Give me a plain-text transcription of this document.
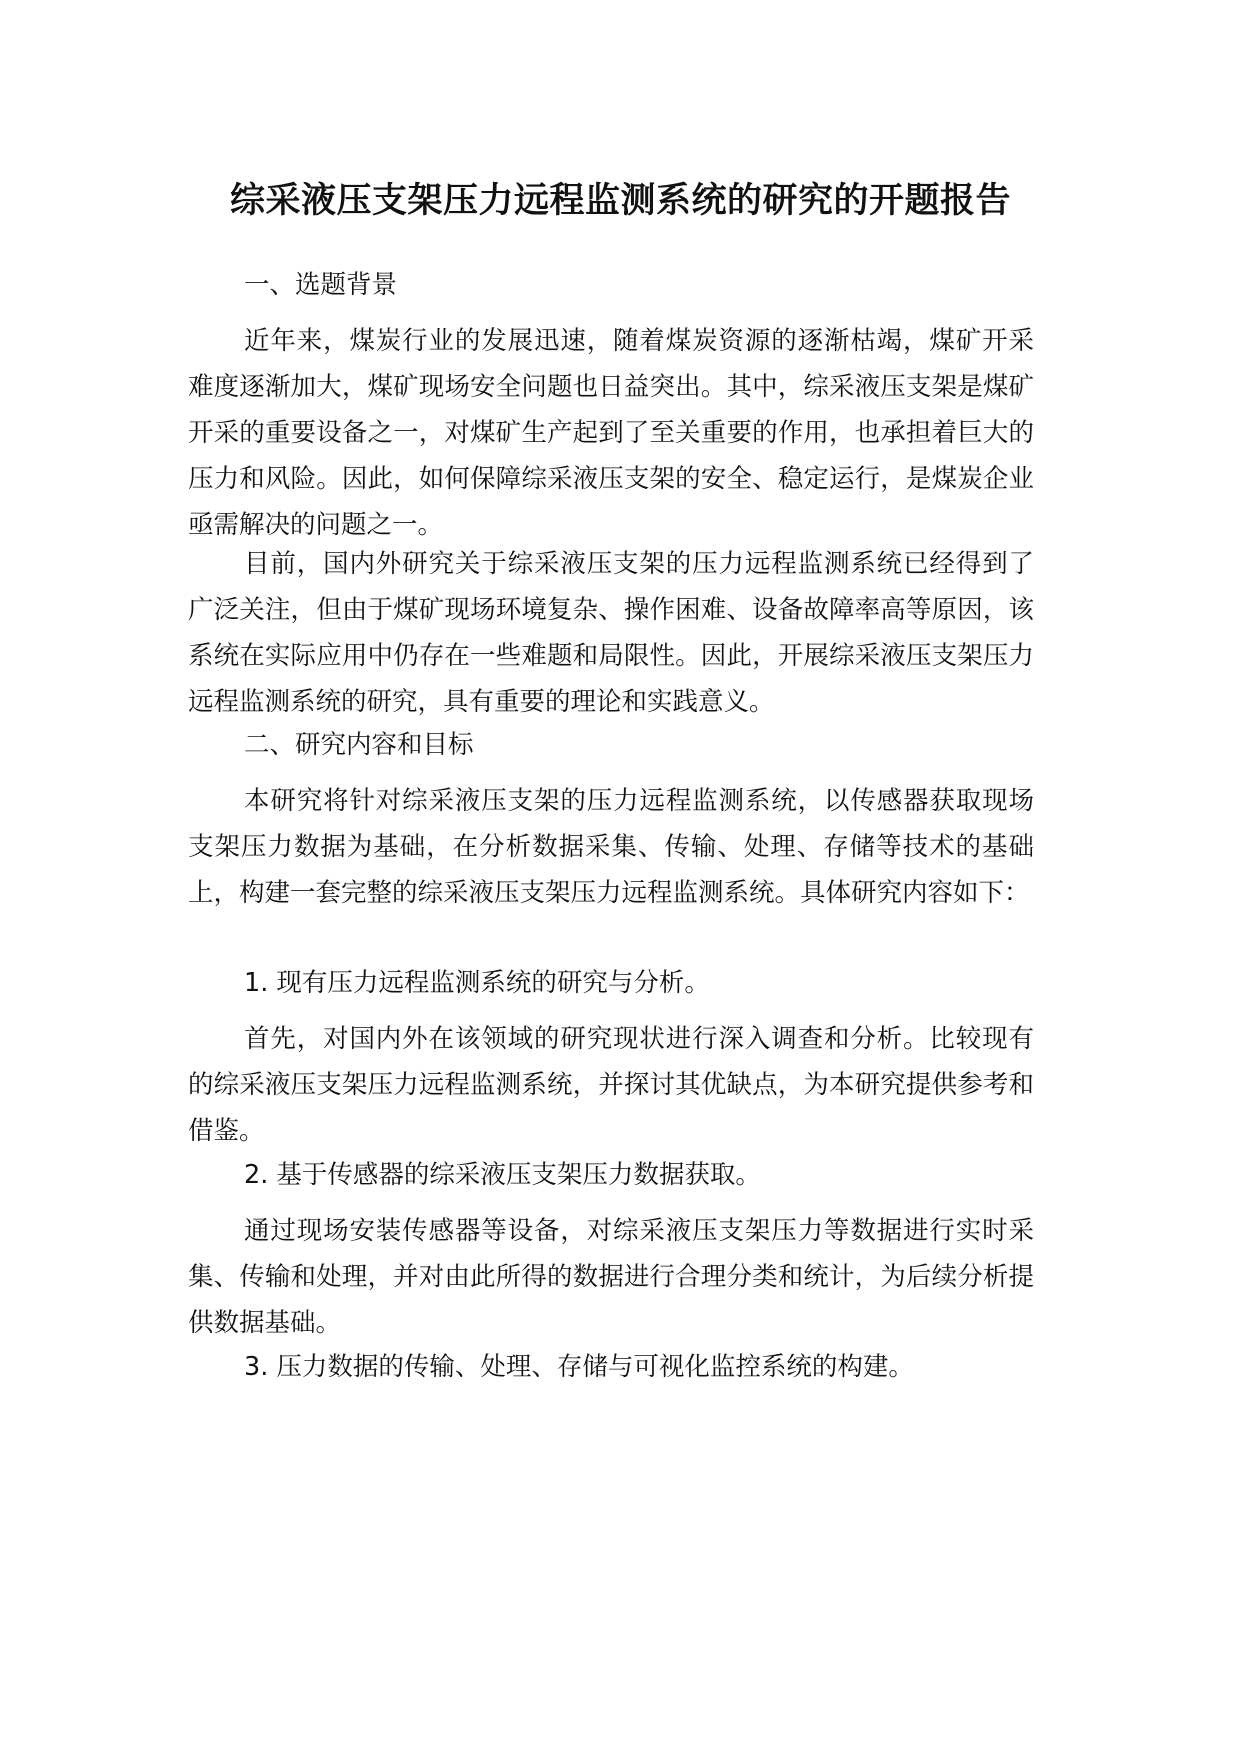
综采液压支架压力远程监测系统的研究的开题报告

一、选题背景

近年来，煤炭行业的发展迅速，随着煤炭资源的逐渐枯竭，煤矿开采难度逐渐加大，煤矿现场安全问题也日益突出。其中，综采液压支架是煤矿开采的重要设备之一，对煤矿生产起到了至关重要的作用，也承担着巨大的压力和风险。因此，如何保障综采液压支架的安全、稳定运行，是煤炭企业亟需解决的问题之一。

目前，国内外研究关于综采液压支架的压力远程监测系统已经得到了广泛关注，但由于煤矿现场环境复杂、操作困难、设备故障率高等原因，该系统在实际应用中仍存在一些难题和局限性。因此，开展综采液压支架压力远程监测系统的研究，具有重要的理论和实践意义。

二、研究内容和目标

本研究将针对综采液压支架的压力远程监测系统，以传感器获取现场支架压力数据为基础，在分析数据采集、传输、处理、存储等技术的基础上，构建一套完整的综采液压支架压力远程监测系统。具体研究内容如下：

1. 现有压力远程监测系统的研究与分析。

首先，对国内外在该领域的研究现状进行深入调查和分析。比较现有的综采液压支架压力远程监测系统，并探讨其优缺点，为本研究提供参考和借鉴。

2. 基于传感器的综采液压支架压力数据获取。

通过现场安装传感器等设备，对综采液压支架压力等数据进行实时采集、传输和处理，并对由此所得的数据进行合理分类和统计，为后续分析提供数据基础。

3. 压力数据的传输、处理、存储与可视化监控系统的构建。
